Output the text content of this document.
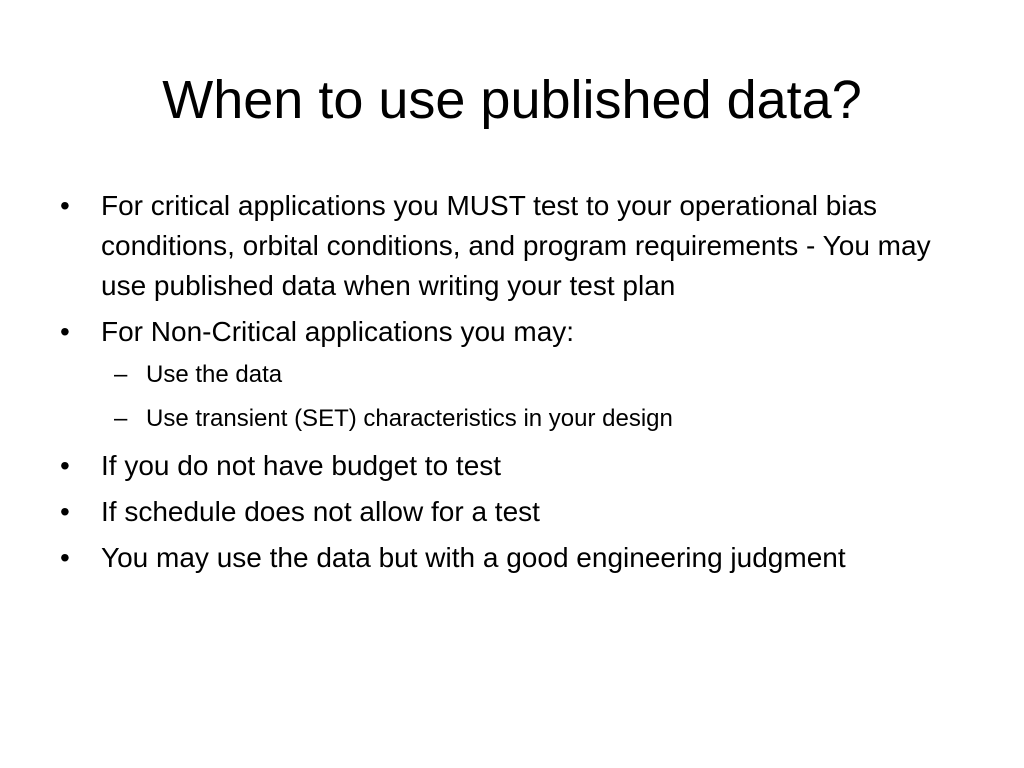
When to use published data?
• For critical applications you MUST test to your operational bias conditions, orbital conditions, and program requirements - You may use published data when writing your test plan
• For Non-Critical applications you may:
– Use the data
– Use transient (SET) characteristics in your design
• If you do not have budget to test
• If schedule does not allow for a test
• You may use the data but with a good engineering judgment
